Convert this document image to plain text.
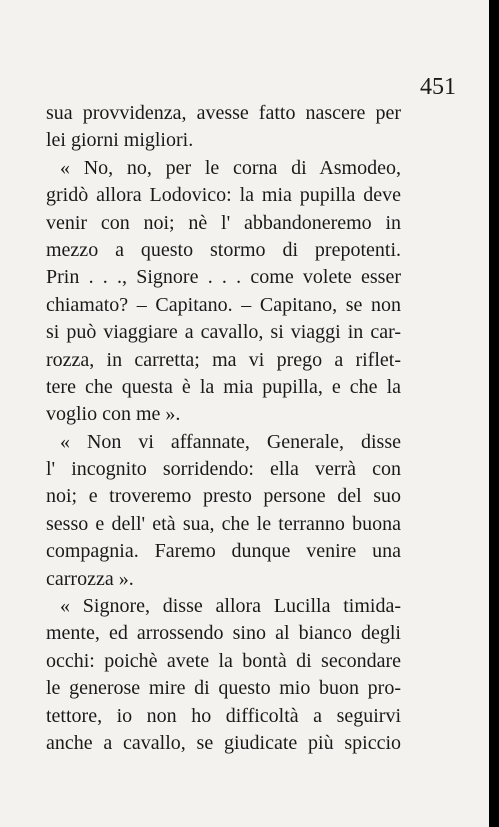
451
sua provvidenza, avesse fatto nascere per
lei giorni migliori.
« No, no, per le corna di Asmodeo,
gridò allora Lodovico: la mia pupilla deve
venir con noi; nè l' abbandoneremo in
mezzo a questo stormo di prepotenti.
Prin . . ., Signore . . . come volete esser
chiamato? – Capitano. – Capitano, se non
si può viaggiare a cavallo, si viaggi in car-
rozza, in carretta; ma vi prego a riflet-
tere che questa è la mia pupilla, e che la
voglio con me ».
« Non vi affannate, Generale, disse
l' incognito sorridendo: ella verrà con
noi; e troveremo presto persone del suo
sesso e dell' età sua, che le terranno buona
compagnia. Faremo dunque venire una
carrozza ».
« Signore, disse allora Lucilla timida-
mente, ed arrossendo sino al bianco degli
occhi: poichè avete la bontà di secondare
le generose mire di questo mio buon pro-
tettore, io non ho difficoltà a seguirvi
anche a cavallo, se giudicate più spiccio
